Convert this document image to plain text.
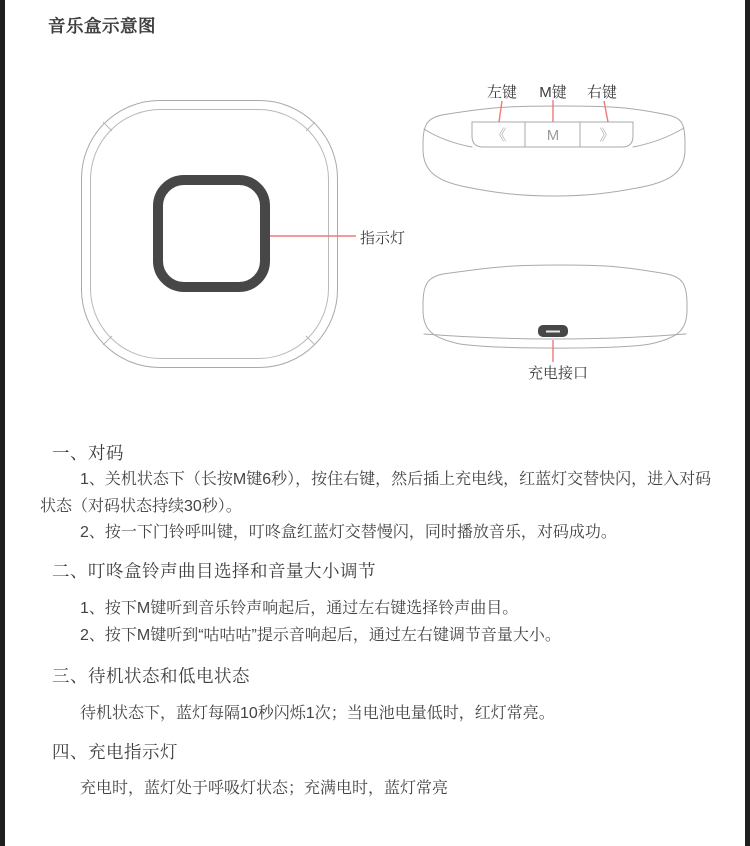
音乐盒示意图
指示灯
左键 M键 右键
《	M	》
充电接口
一、对码

1、关机状态下（长按M键6秒），按住右键，然后插上充电线，红蓝灯交替快闪，进入对码状态（对码状态持续30秒）。

2、按一下门铃呼叫键，叮咚盒红蓝灯交替慢闪，同时播放音乐，对码成功。

二、叮咚盒铃声曲目选择和音量大小调节

1、按下M键听到音乐铃声响起后，通过左右键选择铃声曲目。

2、按下M键听到“咕咕咕”提示音响起后，通过左右键调节音量大小。

三、待机状态和低电状态

待机状态下，蓝灯每隔10秒闪烁1次；当电池电量低时，红灯常亮。

四、充电指示灯

充电时，蓝灯处于呼吸灯状态；充满电时，蓝灯常亮
